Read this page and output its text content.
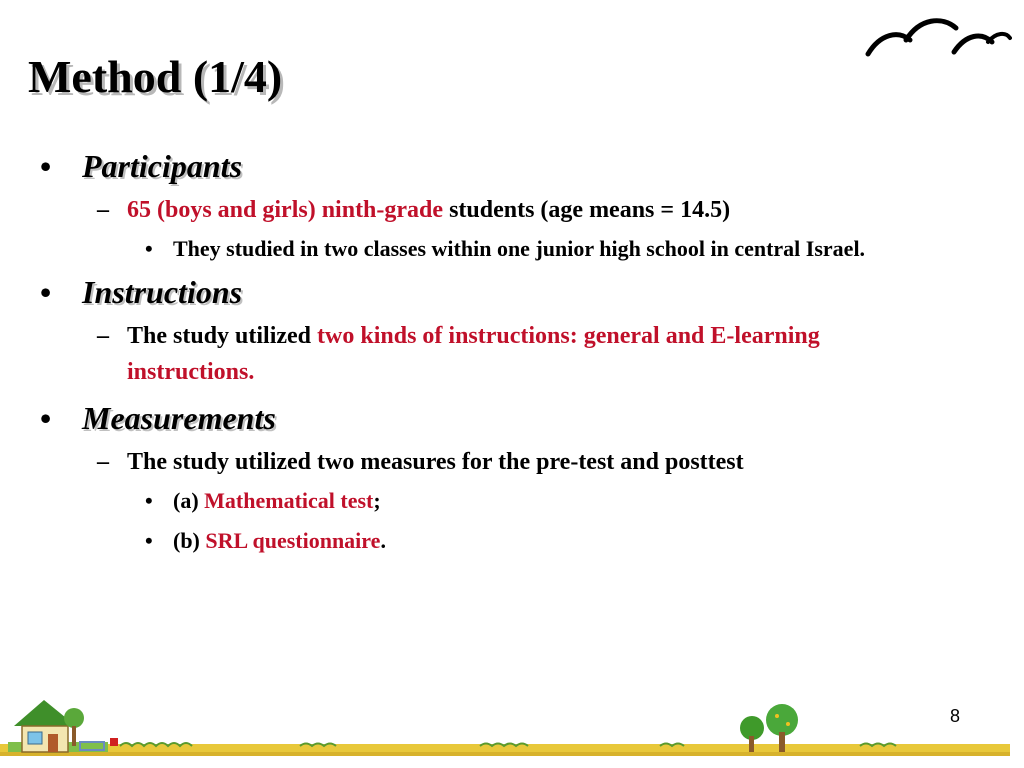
Method (1/4)
• Participants
– 65 (boys and girls) ninth-grade students (age means = 14.5)
• They studied in two classes within one junior high school in central Israel.
• Instructions
– The study utilized two kinds of instructions: general and E-learning instructions.
• Measurements
– The study utilized two measures for the pre-test and posttest
• (a) Mathematical test;
• (b) SRL questionnaire.
8
